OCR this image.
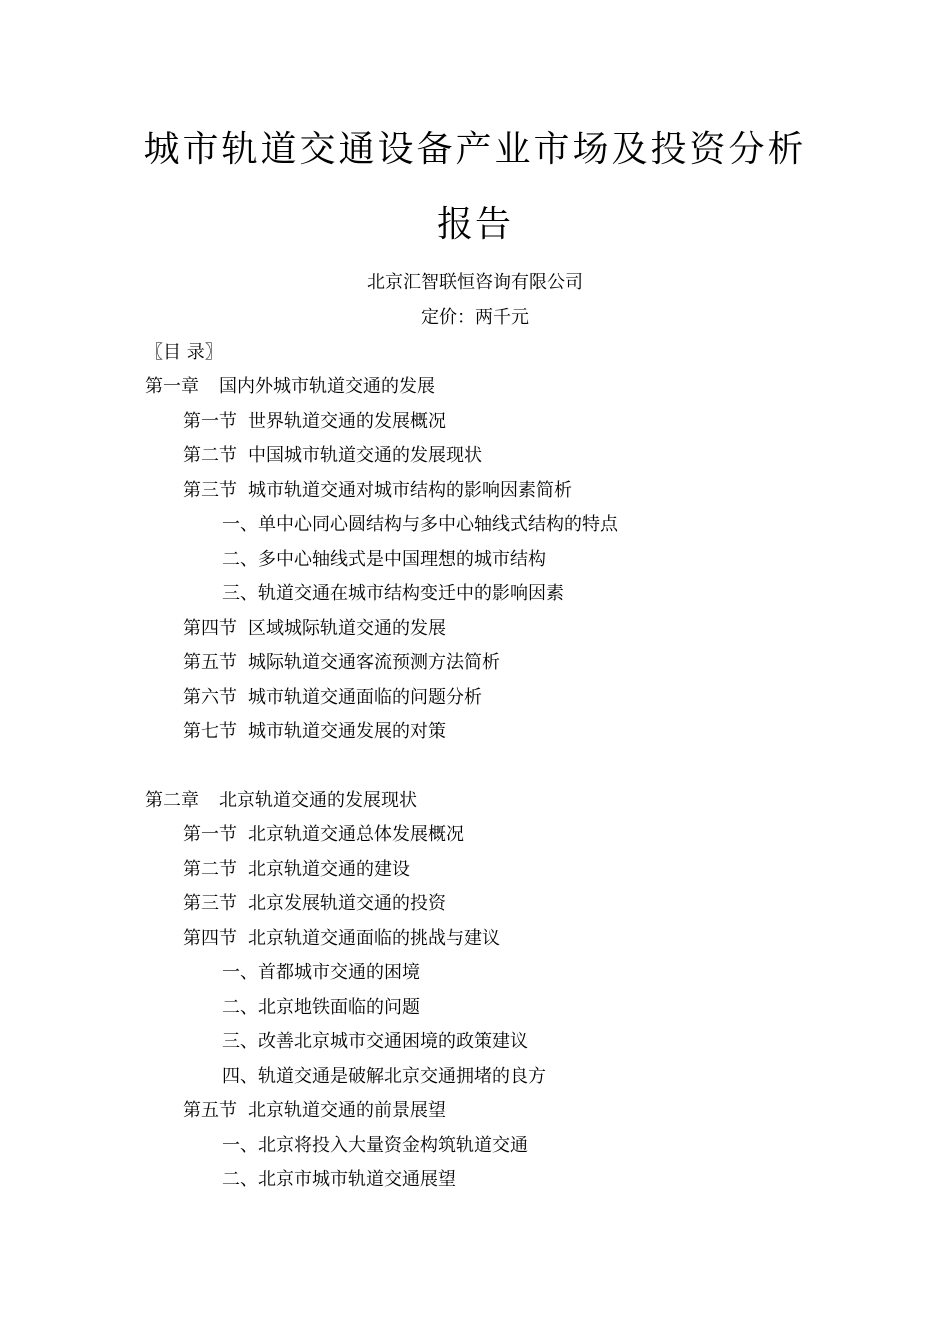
城市轨道交通设备产业市场及投资分析
报告
北京汇智联恒咨询有限公司
定价：两千元
〖目 录〗
第一章 国内外城市轨道交通的发展
第一节 世界轨道交通的发展概况
第二节 中国城市轨道交通的发展现状
第三节 城市轨道交通对城市结构的影响因素简析
一、单中心同心圆结构与多中心轴线式结构的特点
二、多中心轴线式是中国理想的城市结构
三、轨道交通在城市结构变迁中的影响因素
第四节 区域城际轨道交通的发展
第五节 城际轨道交通客流预测方法简析
第六节 城市轨道交通面临的问题分析
第七节 城市轨道交通发展的对策
第二章 北京轨道交通的发展现状
第一节 北京轨道交通总体发展概况
第二节 北京轨道交通的建设
第三节 北京发展轨道交通的投资
第四节 北京轨道交通面临的挑战与建议
一、首都城市交通的困境
二、北京地铁面临的问题
三、改善北京城市交通困境的政策建议
四、轨道交通是破解北京交通拥堵的良方
第五节 北京轨道交通的前景展望
一、北京将投入大量资金构筑轨道交通
二、北京市城市轨道交通展望
